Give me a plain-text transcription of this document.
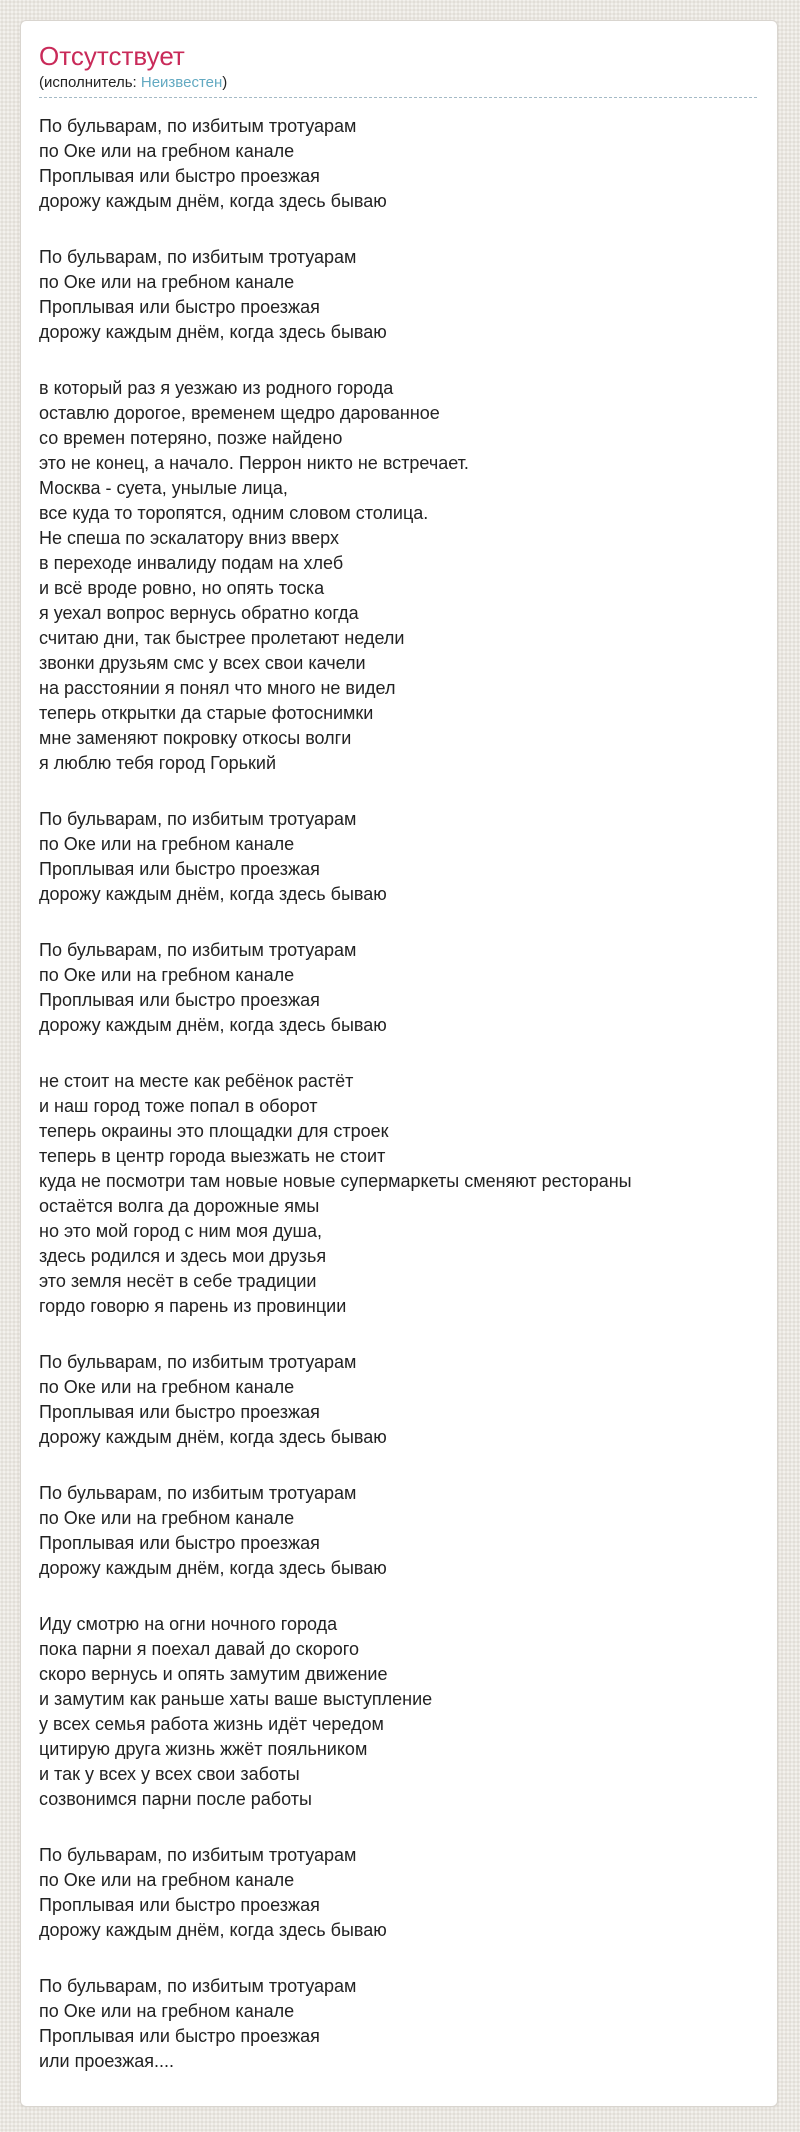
Отсутствует
(исполнитель: Неизвестен)

По бульварам, по избитым тротуарам
по Оке или на гребном канале
Проплывая или быстро проезжая
дорожу каждым днём, когда здесь бываю

По бульварам, по избитым тротуарам
по Оке или на гребном канале
Проплывая или быстро проезжая
дорожу каждым днём, когда здесь бываю

в который раз я уезжаю из родного города
оставлю дорогое, временем щедро дарованное
со времен потеряно, позже найдено
это не конец, а начало. Перрон никто не встречает.
Москва - суета, унылые лица,
все куда то торопятся, одним словом столица.
Не спеша по эскалатору вниз вверх
в переходе инвалиду подам на хлеб
и всё вроде ровно, но опять тоска
я уехал вопрос вернусь обратно когда
считаю дни, так быстрее пролетают недели
звонки друзьям смс у всех свои качели
на расстоянии я понял что много не видел
теперь открытки да старые фотоснимки
мне заменяют покровку откосы волги
я люблю тебя город Горький

По бульварам, по избитым тротуарам
по Оке или на гребном канале
Проплывая или быстро проезжая
дорожу каждым днём, когда здесь бываю

По бульварам, по избитым тротуарам
по Оке или на гребном канале
Проплывая или быстро проезжая
дорожу каждым днём, когда здесь бываю

не стоит на месте как ребёнок растёт
и наш город тоже попал в оборот
теперь окраины это площадки для строек
теперь в центр города выезжать не стоит
куда не посмотри там новые новые супермаркеты сменяют рестораны
остаётся волга да дорожные ямы
но это мой город с ним моя душа,
здесь родился и здесь мои друзья
это земля несёт в себе традиции
гордо говорю я парень из провинции

По бульварам, по избитым тротуарам
по Оке или на гребном канале
Проплывая или быстро проезжая
дорожу каждым днём, когда здесь бываю

По бульварам, по избитым тротуарам
по Оке или на гребном канале
Проплывая или быстро проезжая
дорожу каждым днём, когда здесь бываю

Иду смотрю на огни ночного города
пока парни я поехал давай до скорого
скоро вернусь и опять замутим движение
и замутим как раньше хаты ваше выступление
у всех семья работа жизнь идёт чередом
цитирую друга жизнь жжёт пояльником
и так у всех у всех свои заботы
созвонимся парни после работы

По бульварам, по избитым тротуарам
по Оке или на гребном канале
Проплывая или быстро проезжая
дорожу каждым днём, когда здесь бываю

По бульварам, по избитым тротуарам
по Оке или на гребном канале
Проплывая или быстро проезжая
или проезжая....
